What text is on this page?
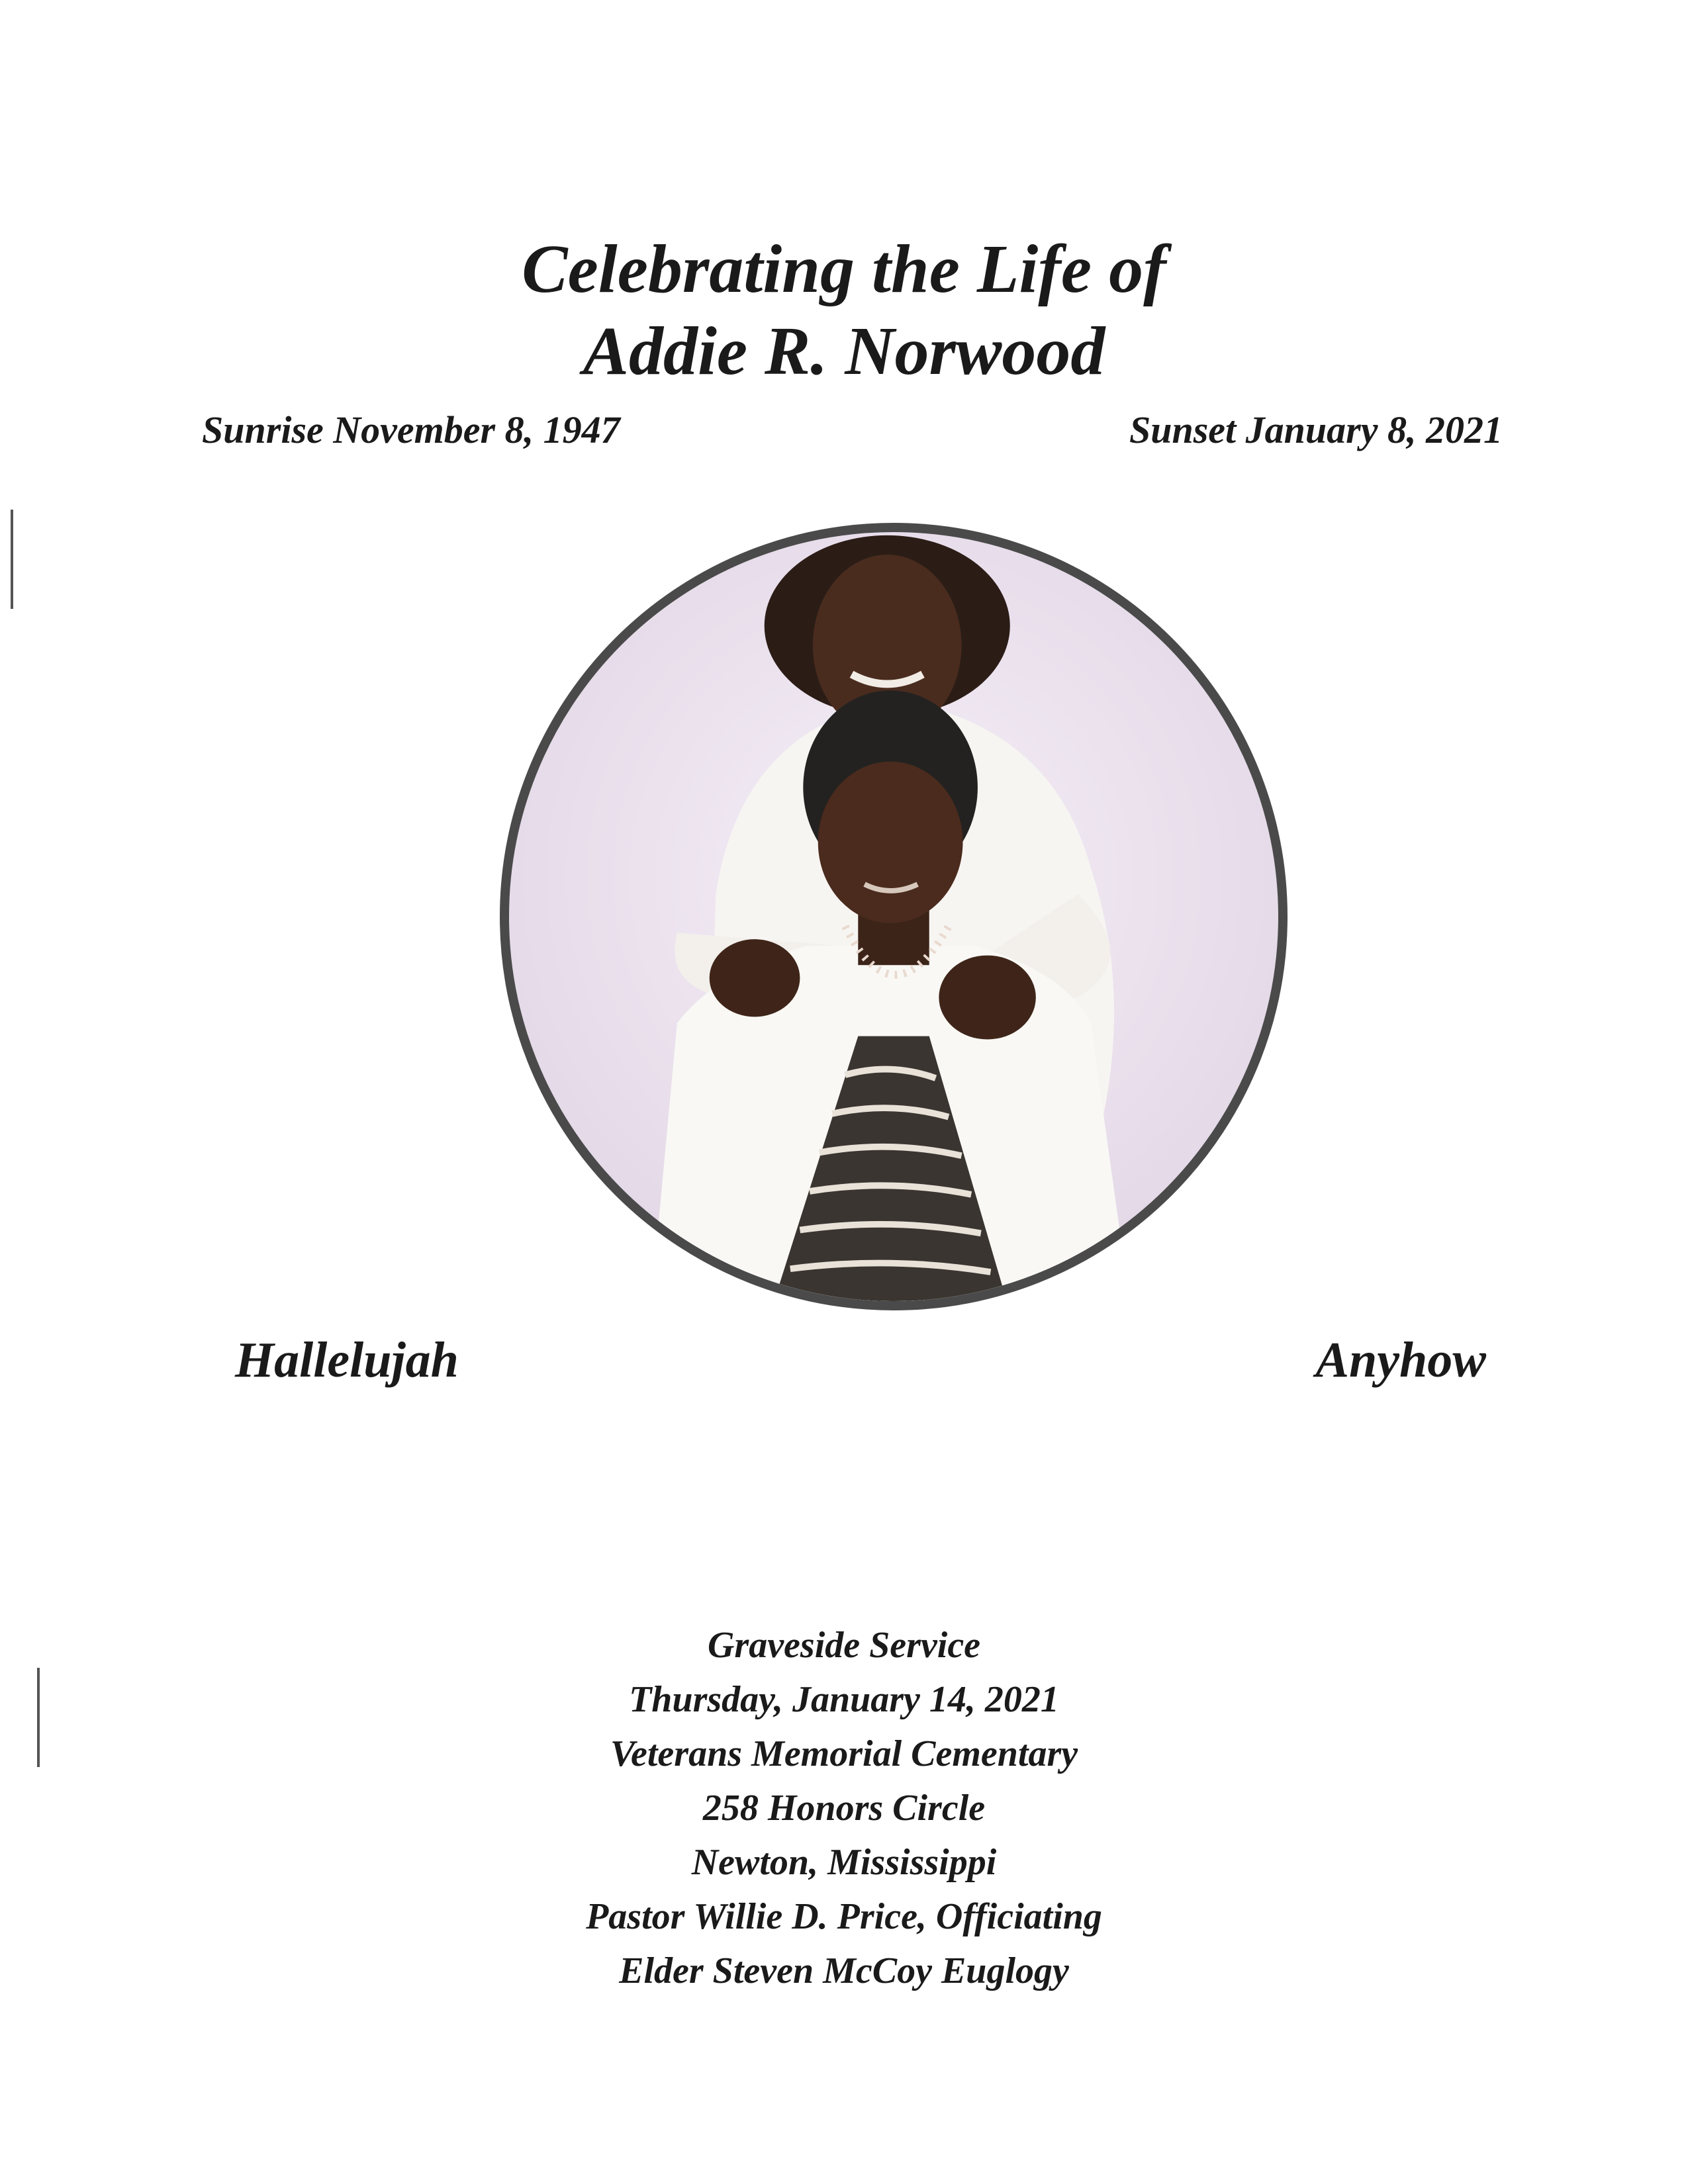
Celebrating the Life of
Addie R. Norwood
Sunrise November 8, 1947	Sunset January 8, 2021
Hallelujah	Anyhow
Graveside Service
Thursday, January 14, 2021
Veterans Memorial Cementary
258 Honors Circle
Newton, Mississippi
Pastor Willie D. Price, Officiating
Elder Steven McCoy Euglogy
